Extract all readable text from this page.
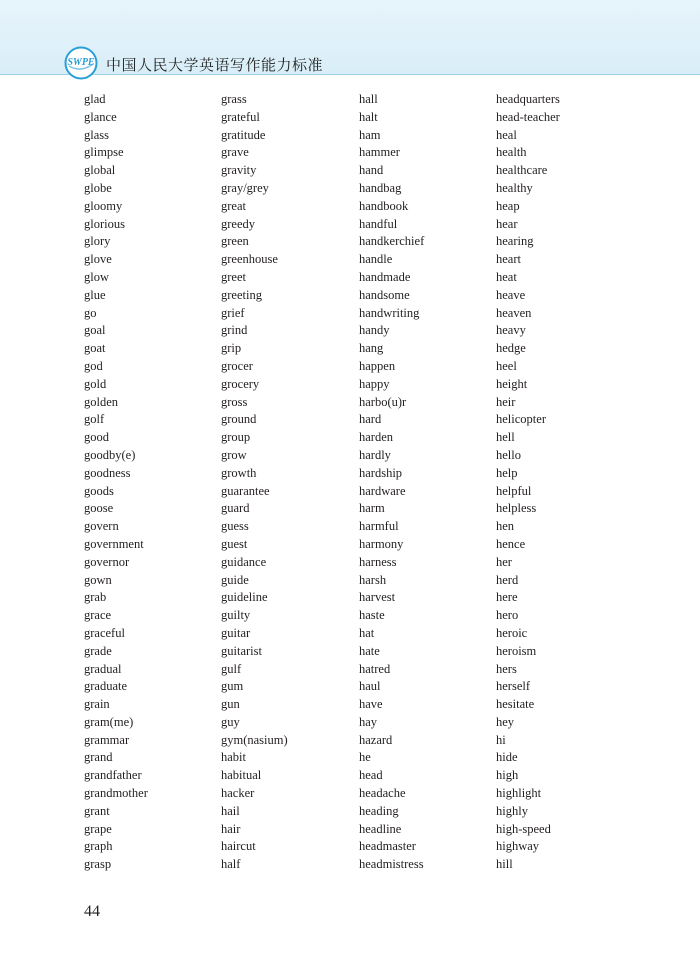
SWPE 中国人民大学英语写作能力标准
glad
glance
glass
glimpse
global
globe
gloomy
glorious
glory
glove
glow
glue
go
goal
goat
god
gold
golden
golf
good
goodby(e)
goodness
goods
goose
govern
government
governor
gown
grab
grace
graceful
grade
gradual
graduate
grain
gram(me)
grammar
grand
grandfather
grandmother
grant
grape
graph
grasp
grass
grateful
gratitude
grave
gravity
gray/grey
great
greedy
green
greenhouse
greet
greeting
grief
grind
grip
grocer
grocery
gross
ground
group
grow
growth
guarantee
guard
guess
guest
guidance
guide
guideline
guilty
guitar
guitarist
gulf
gum
gun
guy
gym(nasium)
habit
habitual
hacker
hail
hair
haircut
half
hall
halt
ham
hammer
hand
handbag
handbook
handful
handkerchief
handle
handmade
handsome
handwriting
handy
hang
happen
happy
harbo(u)r
hard
harden
hardly
hardship
hardware
harm
harmful
harmony
harness
harsh
harvest
haste
hat
hate
hatred
haul
have
hay
hazard
he
head
headache
heading
headline
headmaster
headmistress
headquarters
head-teacher
heal
health
healthcare
healthy
heap
hear
hearing
heart
heat
heave
heaven
heavy
hedge
heel
height
heir
helicopter
hell
hello
help
helpful
helpless
hen
hence
her
herd
here
hero
heroic
heroism
hers
herself
hesitate
hey
hi
hide
high
highlight
highly
high-speed
highway
hill
44
